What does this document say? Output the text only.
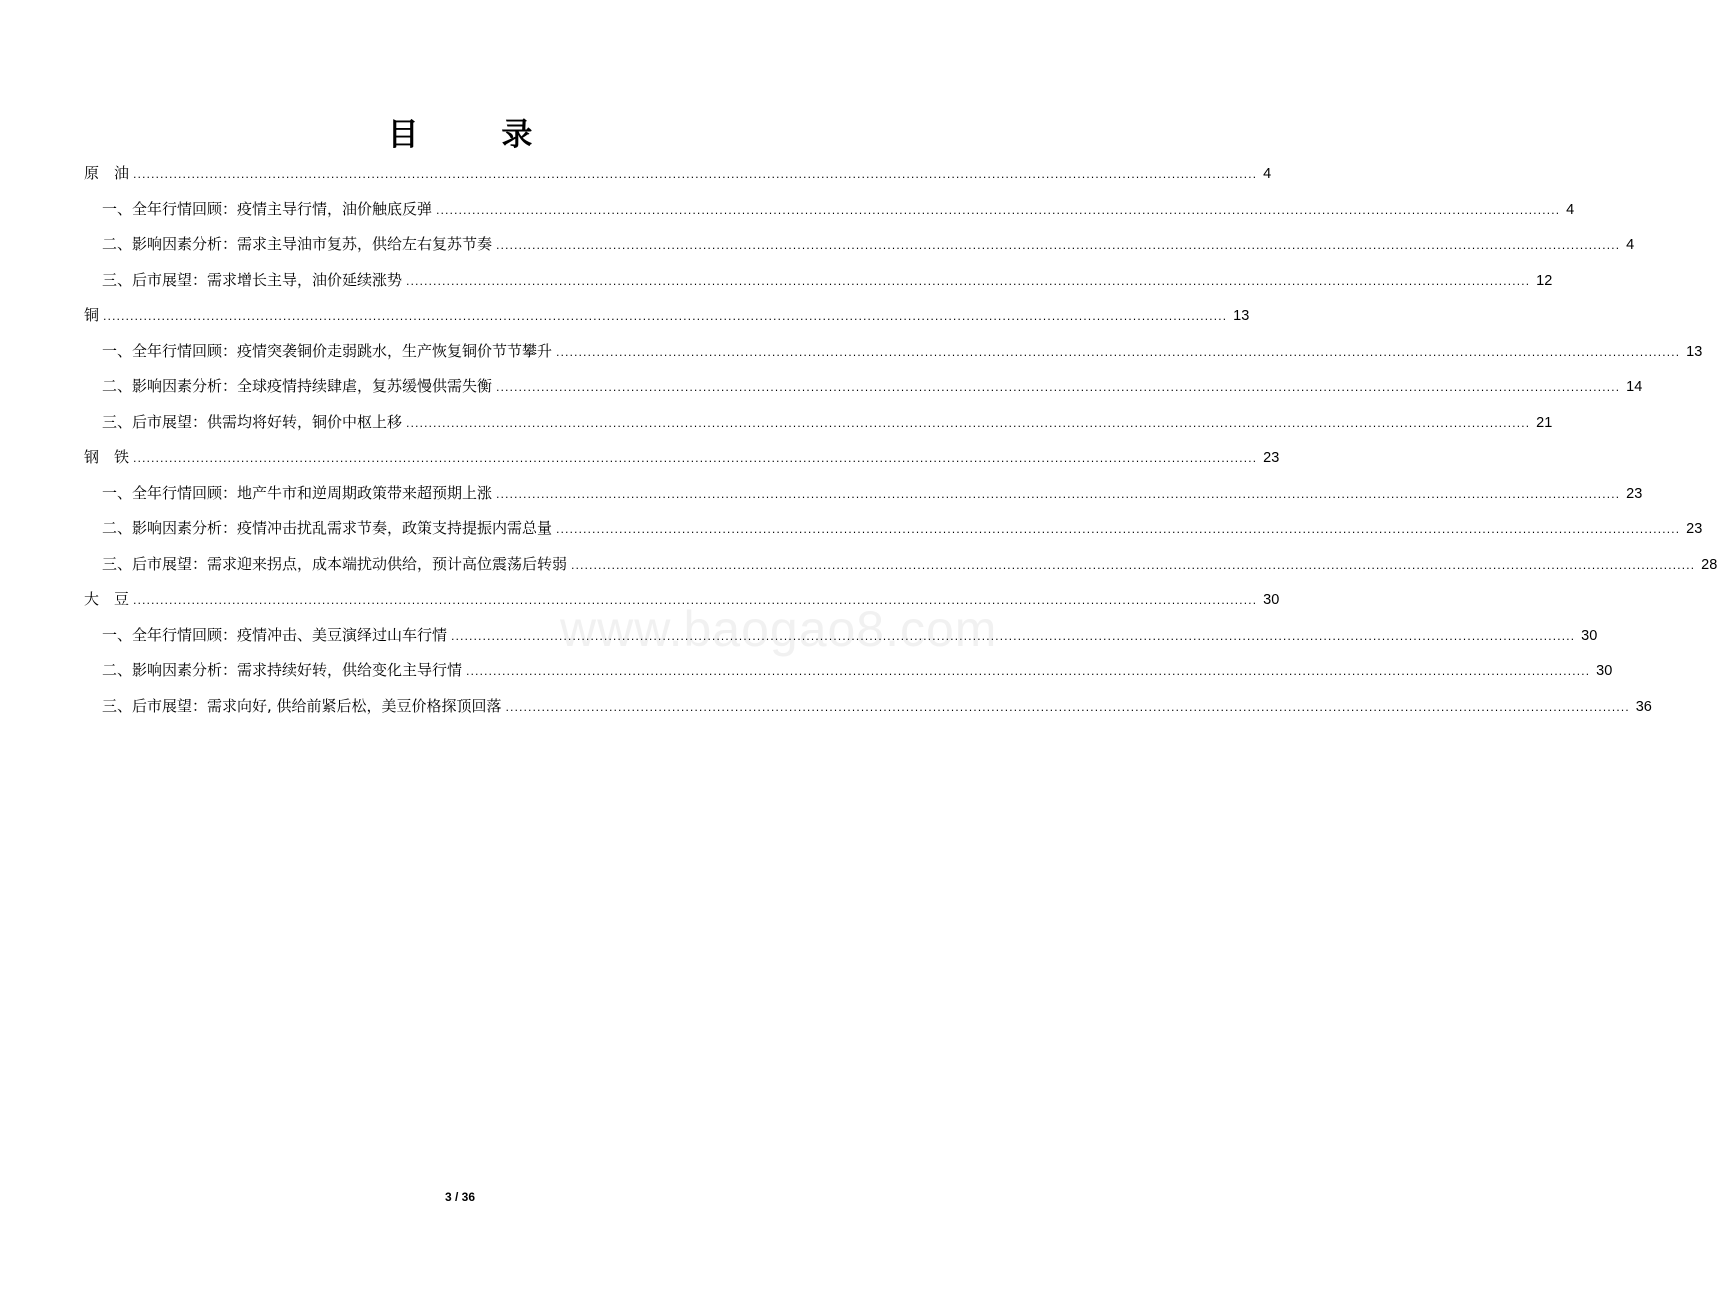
目 录
原　油 .....	4
一、全年行情回顾：疫情主导行情，油价触底反弹 .....	4
二、影响因素分析：需求主导油市复苏，供给左右复苏节奏 .....	4
三、后市展望：需求增长主导，油价延续涨势 .....	12
铜 .....	13
一、全年行情回顾：疫情突袭铜价走弱跳水，生产恢复铜价节节攀升 .....	13
二、影响因素分析：全球疫情持续肆虐，复苏缓慢供需失衡 .....	14
三、后市展望：供需均将好转，铜价中枢上移 .....	21
钢　铁 .....	23
一、全年行情回顾：地产牛市和逆周期政策带来超预期上涨 .....	23
二、影响因素分析：疫情冲击扰乱需求节奏，政策支持提振内需总量 .....	23
三、后市展望：需求迎来拐点，成本端扰动供给，预计高位震荡后转弱 .....	28
大　豆 .....	30
一、全年行情回顾：疫情冲击、美豆演绎过山车行情 .....	30
二、影响因素分析：需求持续好转，供给变化主导行情 .....	30
三、后市展望：需求向好, 供给前紧后松，美豆价格探顶回落 .....	36
www.baogao8.com
3 / 36
